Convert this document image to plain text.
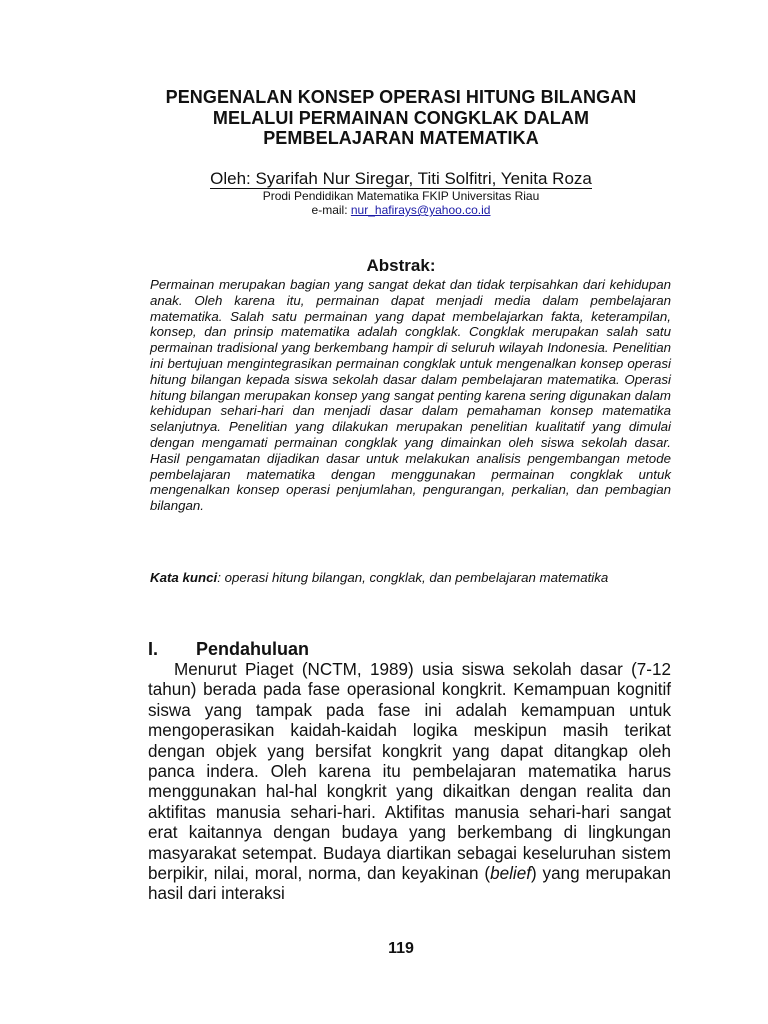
PENGENALAN KONSEP OPERASI HITUNG BILANGAN
MELALUI PERMAINAN CONGKLAK DALAM
PEMBELAJARAN MATEMATIKA
Oleh: Syarifah Nur Siregar, Titi Solfitri, Yenita Roza
Prodi Pendidikan Matematika FKIP Universitas Riau
e-mail: nur_hafirays@yahoo.co.id
Abstrak:
Permainan merupakan bagian yang sangat dekat dan tidak terpisahkan dari kehidupan anak. Oleh karena itu, permainan dapat menjadi media dalam pembelajaran matematika. Salah satu permainan yang dapat membelajarkan fakta, keterampilan, konsep, dan prinsip matematika adalah congklak. Congklak merupakan salah satu permainan tradisional yang berkembang hampir di seluruh wilayah Indonesia. Penelitian ini bertujuan mengintegrasikan permainan congklak untuk mengenalkan konsep operasi hitung bilangan kepada siswa sekolah dasar dalam pembelajaran matematika. Operasi hitung bilangan merupakan konsep yang sangat penting karena sering digunakan dalam kehidupan sehari-hari dan menjadi dasar dalam pemahaman konsep matematika selanjutnya. Penelitian yang dilakukan merupakan penelitian kualitatif yang dimulai dengan mengamati permainan congklak yang dimainkan oleh siswa sekolah dasar. Hasil pengamatan dijadikan dasar untuk melakukan analisis pengembangan metode pembelajaran matematika dengan menggunakan permainan congklak untuk mengenalkan konsep operasi penjumlahan, pengurangan, perkalian, dan pembagian bilangan.
Kata kunci: operasi hitung bilangan, congklak, dan pembelajaran matematika
I. Pendahuluan
Menurut Piaget (NCTM, 1989) usia siswa sekolah dasar (7-12 tahun) berada pada fase operasional kongkrit. Kemampuan kognitif siswa yang tampak pada fase ini adalah kemampuan untuk mengoperasikan kaidah-kaidah logika meskipun masih terikat dengan objek yang bersifat kongkrit yang dapat ditangkap oleh panca indera. Oleh karena itu pembelajaran matematika harus menggunakan hal-hal kongkrit yang dikaitkan dengan realita dan aktifitas manusia sehari-hari. Aktifitas manusia sehari-hari sangat erat kaitannya dengan budaya yang berkembang di lingkungan masyarakat setempat. Budaya diartikan sebagai keseluruhan sistem berpikir, nilai, moral, norma, dan keyakinan (belief) yang merupakan hasil dari interaksi
119
